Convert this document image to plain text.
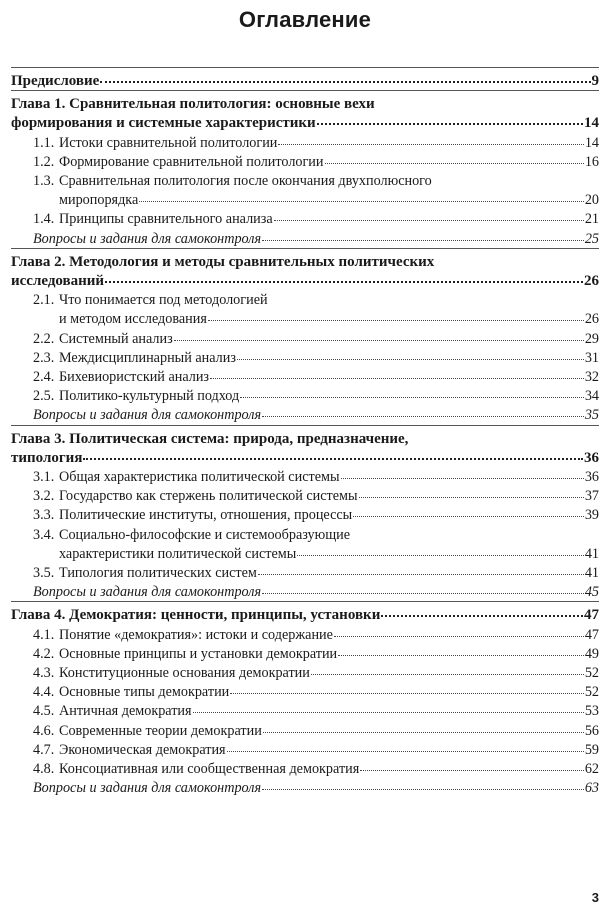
Оглавление
Предисловие	9
Глава 1. Сравнительная политология: основные вехи
формирования и системные характеристики	14
1.1. Истоки сравнительной политологии	14
1.2. Формирование сравнительной политологии	16
1.3. Сравнительная политология после окончания двухполюсного
миропорядка	20
1.4. Принципы сравнительного анализа	21
Вопросы и задания для самоконтроля	25
Глава 2. Методология и методы сравнительных политических
исследований	26
2.1. Что понимается под методологией
и методом исследования	26
2.2. Системный анализ	29
2.3. Междисциплинарный анализ	31
2.4. Бихевиористский анализ	32
2.5. Политико-культурный подход	34
Вопросы и задания для самоконтроля	35
Глава 3. Политическая система: природа, предназначение,
типология	36
3.1. Общая характеристика политической системы	36
3.2. Государство как стержень политической системы	37
3.3. Политические институты, отношения, процессы	39
3.4. Социально-философские и системообразующие
характеристики политической системы	41
3.5. Типология политических систем	41
Вопросы и задания для самоконтроля	45
Глава 4. Демократия: ценности, принципы, установки	47
4.1. Понятие «демократия»: истоки и содержание	47
4.2. Основные принципы и установки демократии	49
4.3. Конституционные основания демократии	52
4.4. Основные типы демократии	52
4.5. Античная демократия	53
4.6. Современные теории демократии	56
4.7. Экономическая демократия	59
4.8. Консоциативная или сообщественная демократия	62
Вопросы и задания для самоконтроля	63
3
